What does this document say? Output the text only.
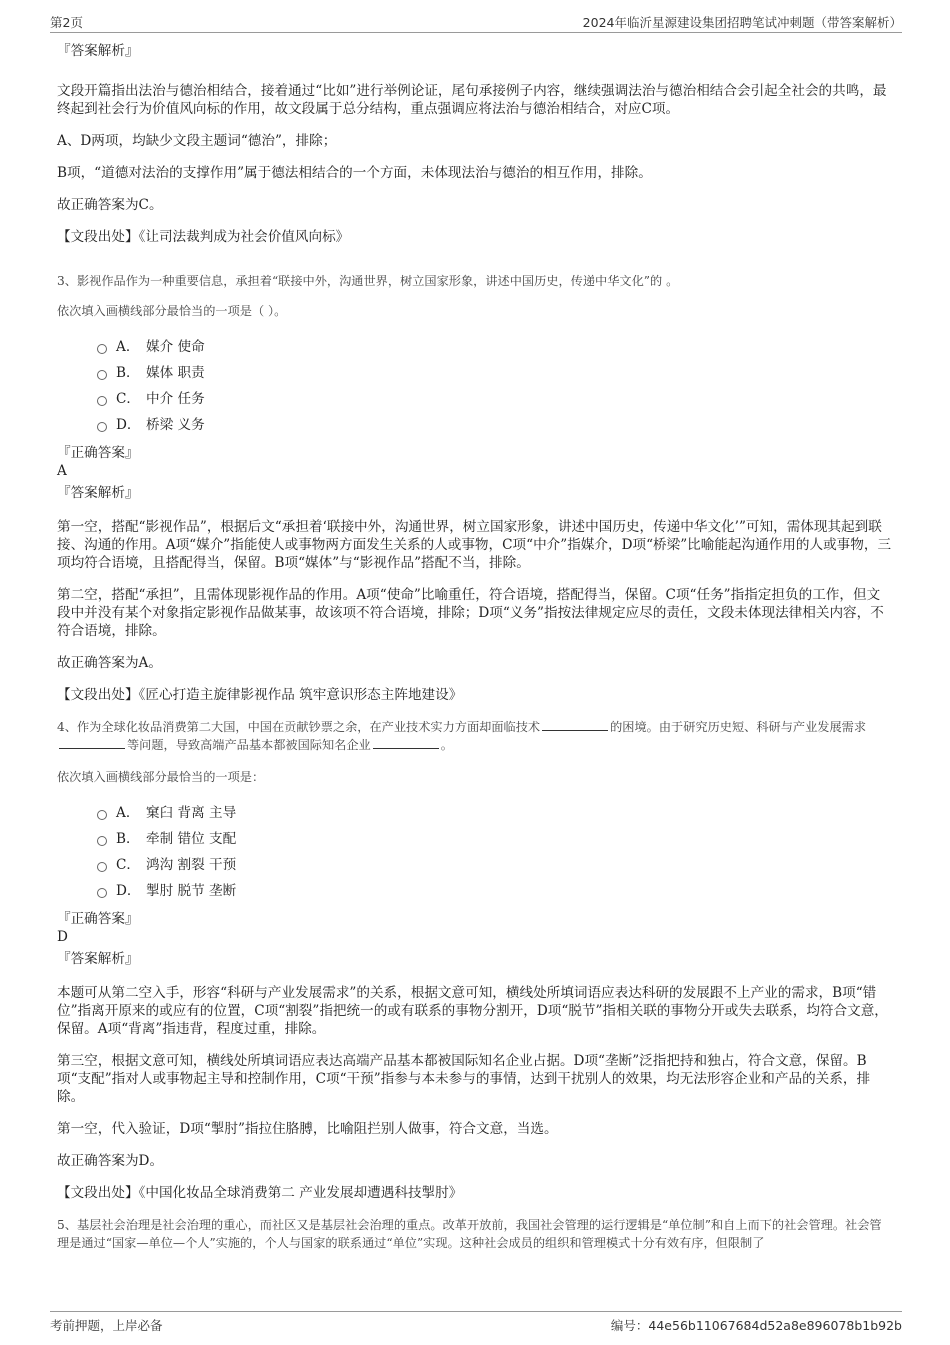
第2页	2024年临沂星源建设集团招聘笔试冲刺题（带答案解析）

『答案解析』

文段开篇指出法治与德治相结合，接着通过“比如”进行举例论证，尾句承接例子内容，继续强调法治与德治相结合会引起全社会的共鸣，最终起到社会行为价值风向标的作用，故文段属于总分结构，重点强调应将法治与德治相结合，对应C项。

A、D两项，均缺少文段主题词“德治”，排除；

B项，“道德对法治的支撑作用”属于德法相结合的一个方面，未体现法治与德治的相互作用，排除。

故正确答案为C。

【文段出处】《让司法裁判成为社会价值风向标》

3、影视作品作为一种重要信息，承担着“联接中外，沟通世界，树立国家形象，讲述中国历史，传递中华文化”的 。

依次填入画横线部分最恰当的一项是（ ）。

A． 媒介 使命
B． 媒体 职责
C． 中介 任务
D． 桥梁 义务

『正确答案』

A

『答案解析』

第一空，搭配“影视作品”，根据后文“承担着‘联接中外，沟通世界，树立国家形象，讲述中国历史，传递中华文化’”可知，需体现其起到联接、沟通的作用。A项“媒介”指能使人或事物两方面发生关系的人或事物，C项“中介”指媒介，D项“桥梁”比喻能起沟通作用的人或事物，三项均符合语境，且搭配得当，保留。B项“媒体”与“影视作品”搭配不当，排除。

第二空，搭配“承担”，且需体现影视作品的作用。A项“使命”比喻重任，符合语境，搭配得当，保留。C项“任务”指指定担负的工作，但文段中并没有某个对象指定影视作品做某事，故该项不符合语境，排除；D项“义务”指按法律规定应尽的责任，文段未体现法律相关内容，不符合语境，排除。

故正确答案为A。

【文段出处】《匠心打造主旋律影视作品 筑牢意识形态主阵地建设》

4、作为全球化妆品消费第二大国，中国在贡献钞票之余，在产业技术实力方面却面临技术	的困境。由于研究历史短、科研与产业发展需求等问题，导致高端产品基本都被国际知名企业	。

依次填入画横线部分最恰当的一项是：

A． 窠臼 背离 主导
B． 牵制 错位 支配
C． 鸿沟 割裂 干预
D． 掣肘 脱节 垄断

『正确答案』

D

『答案解析』

本题可从第二空入手，形容“科研与产业发展需求”的关系，根据文意可知，横线处所填词语应表达科研的发展跟不上产业的需求，B项“错位”指离开原来的或应有的位置，C项“割裂”指把统一的或有联系的事物分割开，D项“脱节”指相关联的事物分开或失去联系，均符合文意，保留。A项“背离”指违背，程度过重，排除。

第三空，根据文意可知，横线处所填词语应表达高端产品基本都被国际知名企业占据。D项“垄断”泛指把持和独占，符合文意，保留。B项“支配”指对人或事物起主导和控制作用，C项“干预”指参与本未参与的事情，达到干扰别人的效果，均无法形容企业和产品的关系，排除。

第一空，代入验证，D项“掣肘”指拉住胳膊，比喻阻拦别人做事，符合文意，当选。

故正确答案为D。

【文段出处】《中国化妆品全球消费第二 产业发展却遭遇科技掣肘》

5、基层社会治理是社会治理的重心，而社区又是基层社会治理的重点。改革开放前，我国社会管理的运行逻辑是“单位制”和自上而下的社会管理。社会管理是通过“国家—单位—个人”实施的，个人与国家的联系通过“单位”实现。这种社会成员的组织和管理模式十分有效有序，但限制了

考前押题，上岸必备	编号：44e56b11067684d52a8e896078b1b92b
